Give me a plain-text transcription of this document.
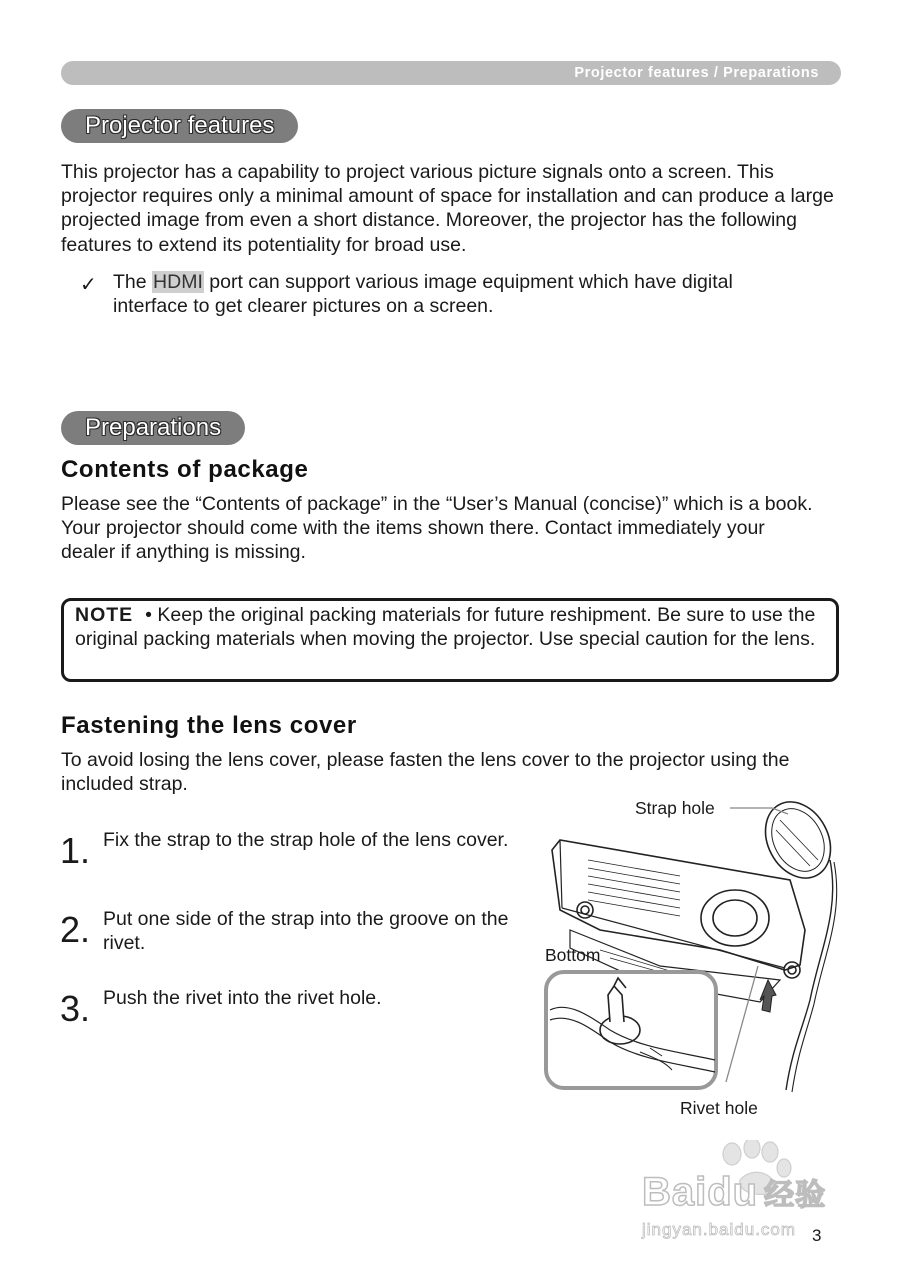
Projector features / Preparations
Projector features

This projector has a capability to project various picture signals onto a screen. This projector requires only a minimal amount of space for installation and can produce a large projected image from even a short distance. Moreover, the projector has the following features to extend its potentiality for broad use.

✓ The HDMI port can support various image equipment which have digital interface to get clearer pictures on a screen.

Preparations
Contents of package

Please see the “Contents of package” in the “User’s Manual (concise)” which is a book. Your projector should come with the items shown there. Contact immediately your dealer if anything is missing.

NOTE • Keep the original packing materials for future reshipment. Be sure to use the original packing materials when moving the projector. Use special caution for the lens.

Fastening the lens cover

To avoid losing the lens cover, please fasten the lens cover to the projector using the included strap.

1. Fix the strap to the strap hole of the lens cover.

2. Put one side of the strap into the groove on the rivet.

3. Push the rivet into the rivet hole.

Strap hole
Bottom
Rivet hole
Baidu 经验
jingyan.baidu.com 3
